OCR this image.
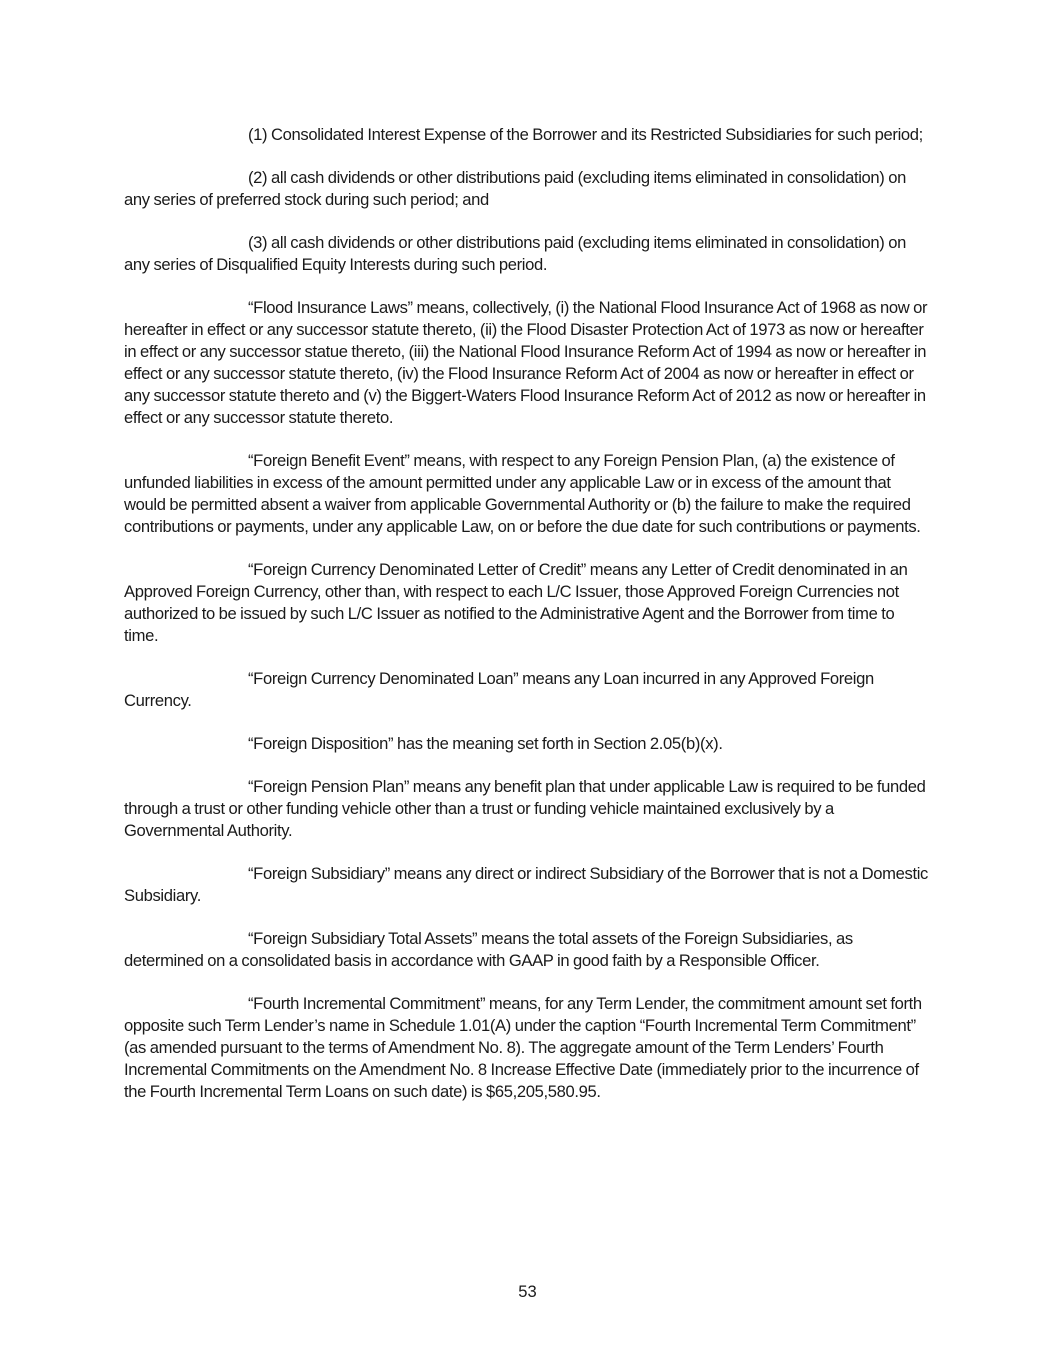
(1) Consolidated Interest Expense of the Borrower and its Restricted Subsidiaries for such period;

(2) all cash dividends or other distributions paid (excluding items eliminated in consolidation) on any series of preferred stock during such period; and

(3) all cash dividends or other distributions paid (excluding items eliminated in consolidation) on any series of Disqualified Equity Interests during such period.

“Flood Insurance Laws” means, collectively, (i) the National Flood Insurance Act of 1968 as now or hereafter in effect or any successor statute thereto, (ii) the Flood Disaster Protection Act of 1973 as now or hereafter in effect or any successor statue thereto, (iii) the National Flood Insurance Reform Act of 1994 as now or hereafter in effect or any successor statute thereto, (iv) the Flood Insurance Reform Act of 2004 as now or hereafter in effect or any successor statute thereto and (v) the Biggert-Waters Flood Insurance Reform Act of 2012 as now or hereafter in effect or any successor statute thereto.

“Foreign Benefit Event” means, with respect to any Foreign Pension Plan, (a) the existence of unfunded liabilities in excess of the amount permitted under any applicable Law or in excess of the amount that would be permitted absent a waiver from applicable Governmental Authority or (b) the failure to make the required contributions or payments, under any applicable Law, on or before the due date for such contributions or payments.

“Foreign Currency Denominated Letter of Credit” means any Letter of Credit denominated in an Approved Foreign Currency, other than, with respect to each L/C Issuer, those Approved Foreign Currencies not authorized to be issued by such L/C Issuer as notified to the Administrative Agent and the Borrower from time to time.

“Foreign Currency Denominated Loan” means any Loan incurred in any Approved Foreign Currency.

“Foreign Disposition” has the meaning set forth in Section 2.05(b)(x).

“Foreign Pension Plan” means any benefit plan that under applicable Law is required to be funded through a trust or other funding vehicle other than a trust or funding vehicle maintained exclusively by a Governmental Authority.

“Foreign Subsidiary” means any direct or indirect Subsidiary of the Borrower that is not a Domestic Subsidiary.

“Foreign Subsidiary Total Assets” means the total assets of the Foreign Subsidiaries, as determined on a consolidated basis in accordance with GAAP in good faith by a Responsible Officer.

“Fourth Incremental Commitment” means, for any Term Lender, the commitment amount set forth opposite such Term Lender’s name in Schedule 1.01(A) under the caption “Fourth Incremental Term Commitment” (as amended pursuant to the terms of Amendment No. 8). The aggregate amount of the Term Lenders’ Fourth Incremental Commitments on the Amendment No. 8 Increase Effective Date (immediately prior to the incurrence of the Fourth Incremental Term Loans on such date) is $65,205,580.95.

53
